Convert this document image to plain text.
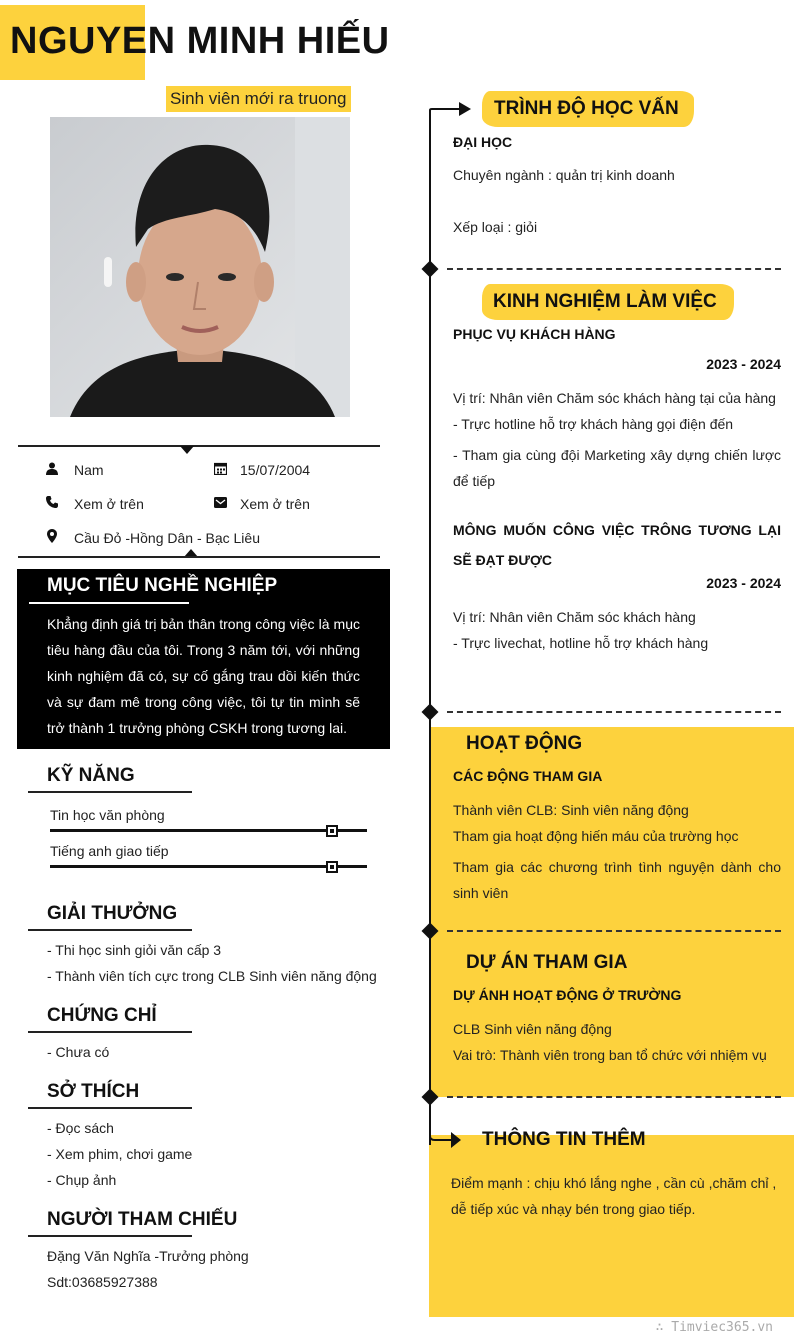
NGUYEN MINH HIẾU
Sinh viên mới ra truong
Nam	15/07/2004
Xem ở trên	Xem ở trên
Cầu Đỏ -Hồng Dân - Bạc Liêu
MỤC TIÊU NGHỀ NGHIỆP

Khẳng định giá trị bản thân trong công việc là mục tiêu hàng đầu của tôi. Trong 3 năm tới, với những kinh nghiệm đã có, sự cố gắng trau dồi kiến thức và sự đam mê trong công việc, tôi tự tin mình sẽ trở thành 1 trưởng phòng CSKH trong tương lai.

KỸ NĂNG
Tin học văn phòng
Tiếng anh giao tiếp
GIẢI THƯỞNG
- Thi học sinh giỏi văn cấp 3
- Thành viên tích cực trong CLB Sinh viên năng động
CHỨNG CHỈ
- Chưa có
SỞ THÍCH
- Đọc sách
- Xem phim, chơi game
- Chụp ảnh
NGƯỜI THAM CHIẾU
Đặng Văn Nghĩa -Trưởng phòng
Sdt:03685927388
TRÌNH ĐỘ HỌC VẤN
ĐẠI HỌC
Chuyên ngành : quản trị kinh doanh
Xếp loại : giỏi
KINH NGHIỆM LÀM VIỆC
PHỤC VỤ KHÁCH HÀNG
2023 - 2024
Vị trí: Nhân viên Chăm sóc khách hàng tại của hàng
- Trực hotline hỗ trợ khách hàng gọi điện đến
- Tham gia cùng đội Marketing xây dựng chiến lược để tiếp
MÔNG MUỐN CÔNG VIỆC TRÔNG TƯƠNG LẠI SẼ ĐẠT ĐƯỢC
2023 - 2024
Vị trí: Nhân viên Chăm sóc khách hàng
- Trực livechat, hotline hỗ trợ khách hàng
HOẠT ĐỘNG
CÁC ĐỘNG THAM GIA
Thành viên CLB: Sinh viên năng động
Tham gia hoạt động hiến máu của trường học
Tham gia các chương trình tình nguyện dành cho sinh viên
DỰ ÁN THAM GIA
DỰ ÁNH HOẠT ĐỘNG Ở TRƯỜNG
CLB Sinh viên năng động
Vai trò: Thành viên trong ban tổ chức với nhiệm vụ
THÔNG TIN THÊM
Điểm mạnh : chịu khó lắng nghe , cần cù ,chăm chỉ , dễ tiếp xúc và nhạy bén trong giao tiếp.
∴ Timviec365.vn
